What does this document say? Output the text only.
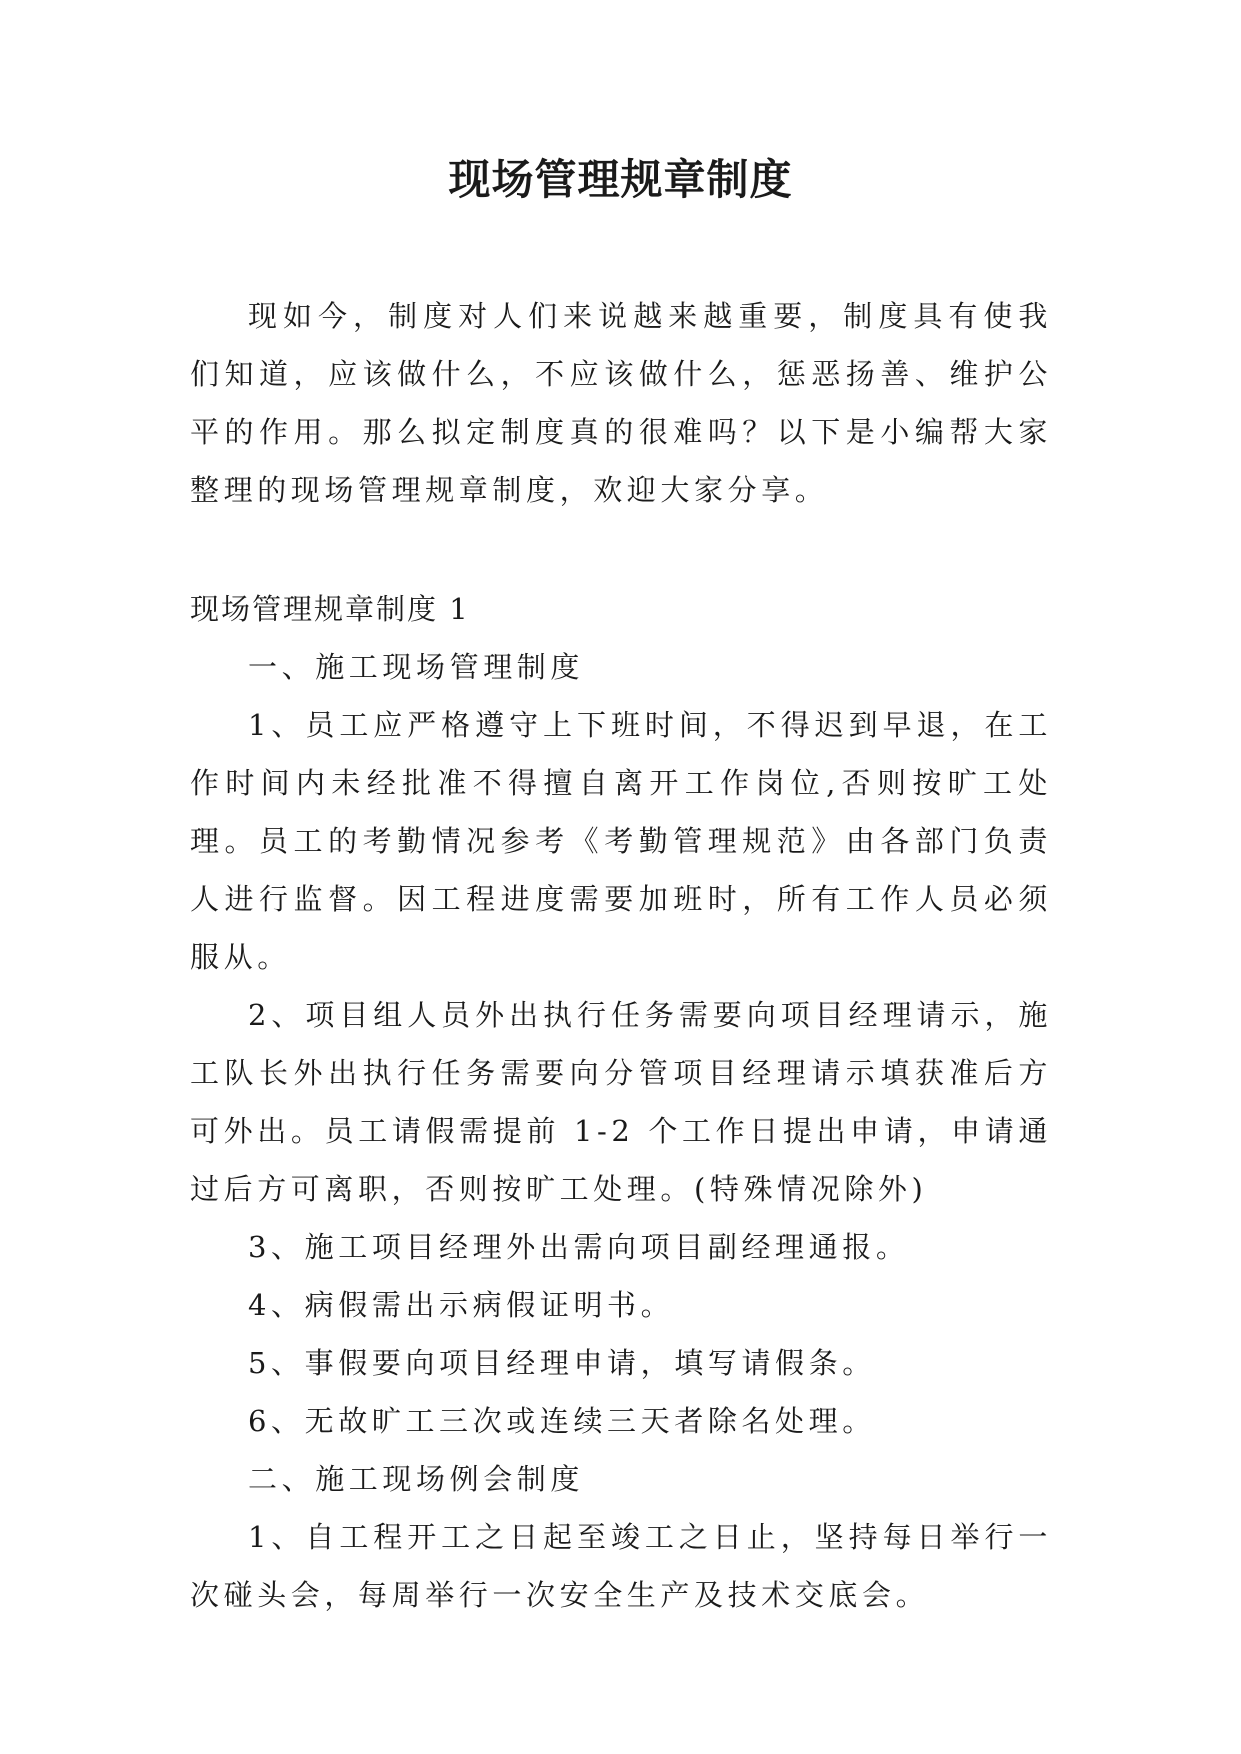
现场管理规章制度

现如今，制度对人们来说越来越重要，制度具有使我们知道，应该做什么，不应该做什么，惩恶扬善、维护公平的作用。那么拟定制度真的很难吗？以下是小编帮大家整理的现场管理规章制度，欢迎大家分享。

现场管理规章制度 1

一、施工现场管理制度

1、员工应严格遵守上下班时间，不得迟到早退，在工作时间内未经批准不得擅自离开工作岗位,否则按旷工处理。员工的考勤情况参考《考勤管理规范》由各部门负责人进行监督。因工程进度需要加班时，所有工作人员必须服从。

2、项目组人员外出执行任务需要向项目经理请示，施工队长外出执行任务需要向分管项目经理请示填获准后方可外出。员工请假需提前 1-2 个工作日提出申请，申请通过后方可离职，否则按旷工处理。(特殊情况除外)

3、施工项目经理外出需向项目副经理通报。

4、病假需出示病假证明书。

5、事假要向项目经理申请，填写请假条。

6、无故旷工三次或连续三天者除名处理。

二、施工现场例会制度

1、自工程开工之日起至竣工之日止，坚持每日举行一次碰头会，每周举行一次安全生产及技术交底会。
